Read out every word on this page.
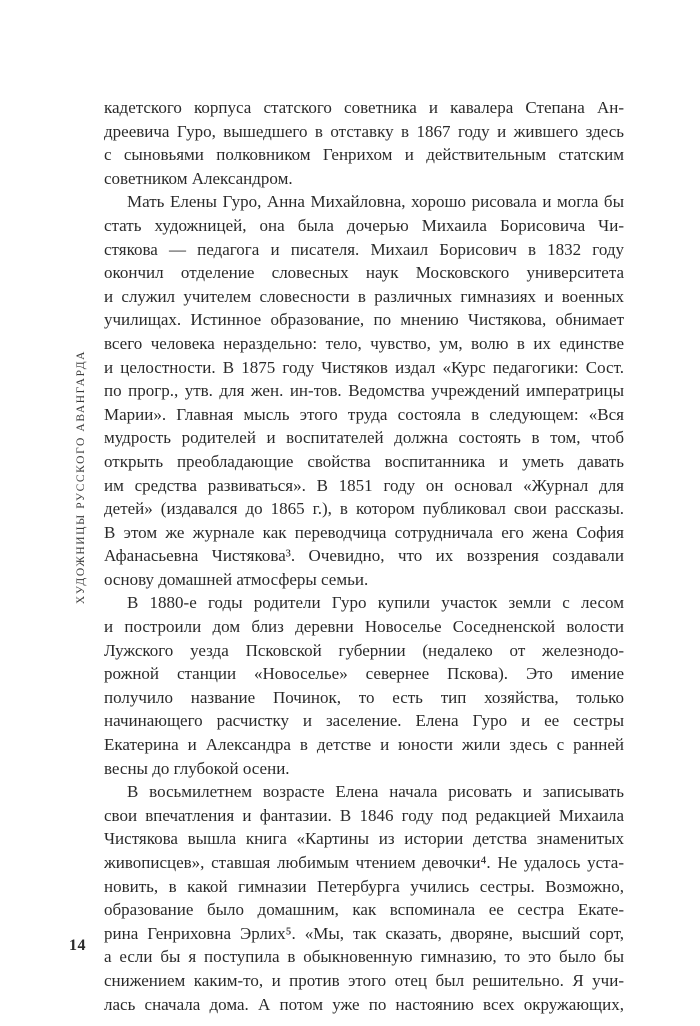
ХУДОЖНИЦЫ РУССКОГО АВАНГАРДА
кадетского корпуса статского советника и кавалера Степана Ан-
дреевича Гуро, вышедшего в отставку в 1867 году и жившего здесь
с сыновьями полковником Генрихом и действительным статским
советником Александром.
Мать Елены Гуро, Анна Михайловна, хорошо рисовала и могла бы
стать художницей, она была дочерью Михаила Борисовича Чи-
стякова — педагога и писателя. Михаил Борисович в 1832 году
окончил отделение словесных наук Московского университета
и служил учителем словесности в различных гимназиях и военных
училищах. Истинное образование, по мнению Чистякова, обнимает
всего человека нераздельно: тело, чувство, ум, волю в их единстве
и целостности. В 1875 году Чистяков издал «Курс педагогики: Сост.
по прогр., утв. для жен. ин-тов. Ведомства учреждений императрицы
Марии». Главная мысль этого труда состояла в следующем: «Вся
мудрость родителей и воспитателей должна состоять в том, чтоб
открыть преобладающие свойства воспитанника и уметь давать
им средства развиваться». В 1851 году он основал «Журнал для
детей» (издавался до 1865 г.), в котором публиковал свои рассказы.
В этом же журнале как переводчица сотрудничала его жена София
Афанасьевна Чистякова³. Очевидно, что их воззрения создавали
основу домашней атмосферы семьи.
В 1880-е годы родители Гуро купили участок земли с лесом
и построили дом близ деревни Новоселье Соседненской волости
Лужского уезда Псковской губернии (недалеко от железнодо-
рожной станции «Новоселье» севернее Пскова). Это имение
получило название Починок, то есть тип хозяйства, только
начинающего расчистку и заселение. Елена Гуро и ее сестры
Екатерина и Александра в детстве и юности жили здесь с ранней
весны до глубокой осени.
В восьмилетнем возрасте Елена начала рисовать и записывать
свои впечатления и фантазии. В 1846 году под редакцией Михаила
Чистякова вышла книга «Картины из истории детства знаменитых
живописцев», ставшая любимым чтением девочки⁴. Не удалось уста-
новить, в какой гимназии Петербурга учились сестры. Возможно,
образование было домашним, как вспоминала ее сестра Екате-
рина Генриховна Эрлих⁵. «Мы, так сказать, дворяне, высший сорт,
а если бы я поступила в обыкновенную гимназию, то это было бы
снижением каким-то, и против этого отец был решительно. Я учи-
лась сначала дома. А потом уже по настоянию всех окружающих,
14
